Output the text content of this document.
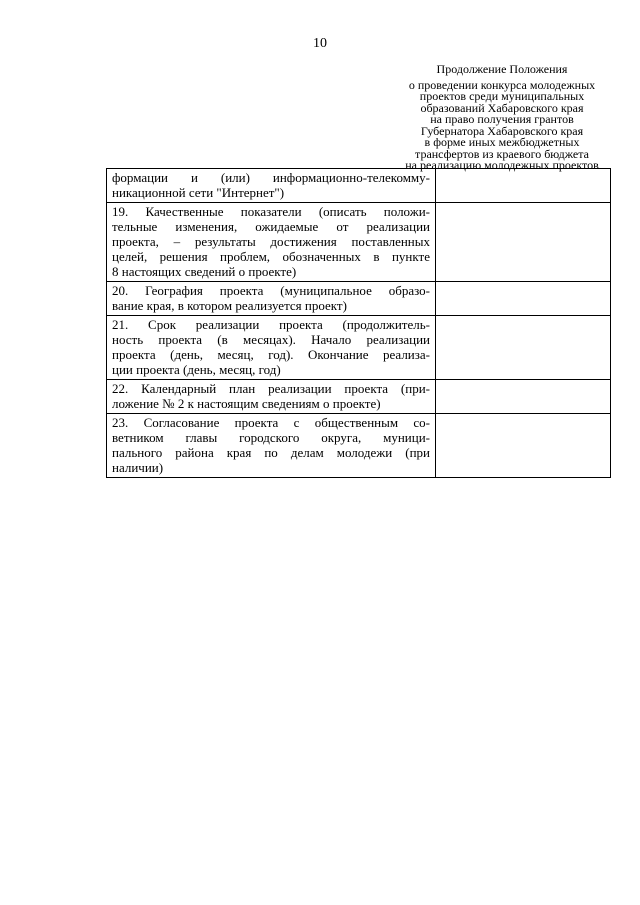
10
Продолжение Положения
о проведении конкурса молодежных
проектов среди муниципальных
образований Хабаровского края
на право получения грантов
Губернатора Хабаровского края
в форме иных межбюджетных
трансфертов из краевого бюджета
на реализацию молодежных проектов
формации и (или) информационно-телекомму-
никационной сети "Интернет")	

19. Качественные показатели (описать положи-
тельные изменения, ожидаемые от реализации
проекта, – результаты достижения поставленных
целей, решения проблем, обозначенных в пункте
8 настоящих сведений о проекте)	

20. География проекта (муниципальное образо-
вание края, в котором реализуется проект)	

21. Срок реализации проекта (продолжитель-
ность проекта (в месяцах). Начало реализации
проекта (день, месяц, год). Окончание реализа-
ции проекта (день, месяц, год)	

22. Календарный план реализации проекта (при-
ложение № 2 к настоящим сведениям о проекте)	

23. Согласование проекта с общественным со-
ветником главы городского округа, муници-
пального района края по делам молодежи (при
наличии)	
